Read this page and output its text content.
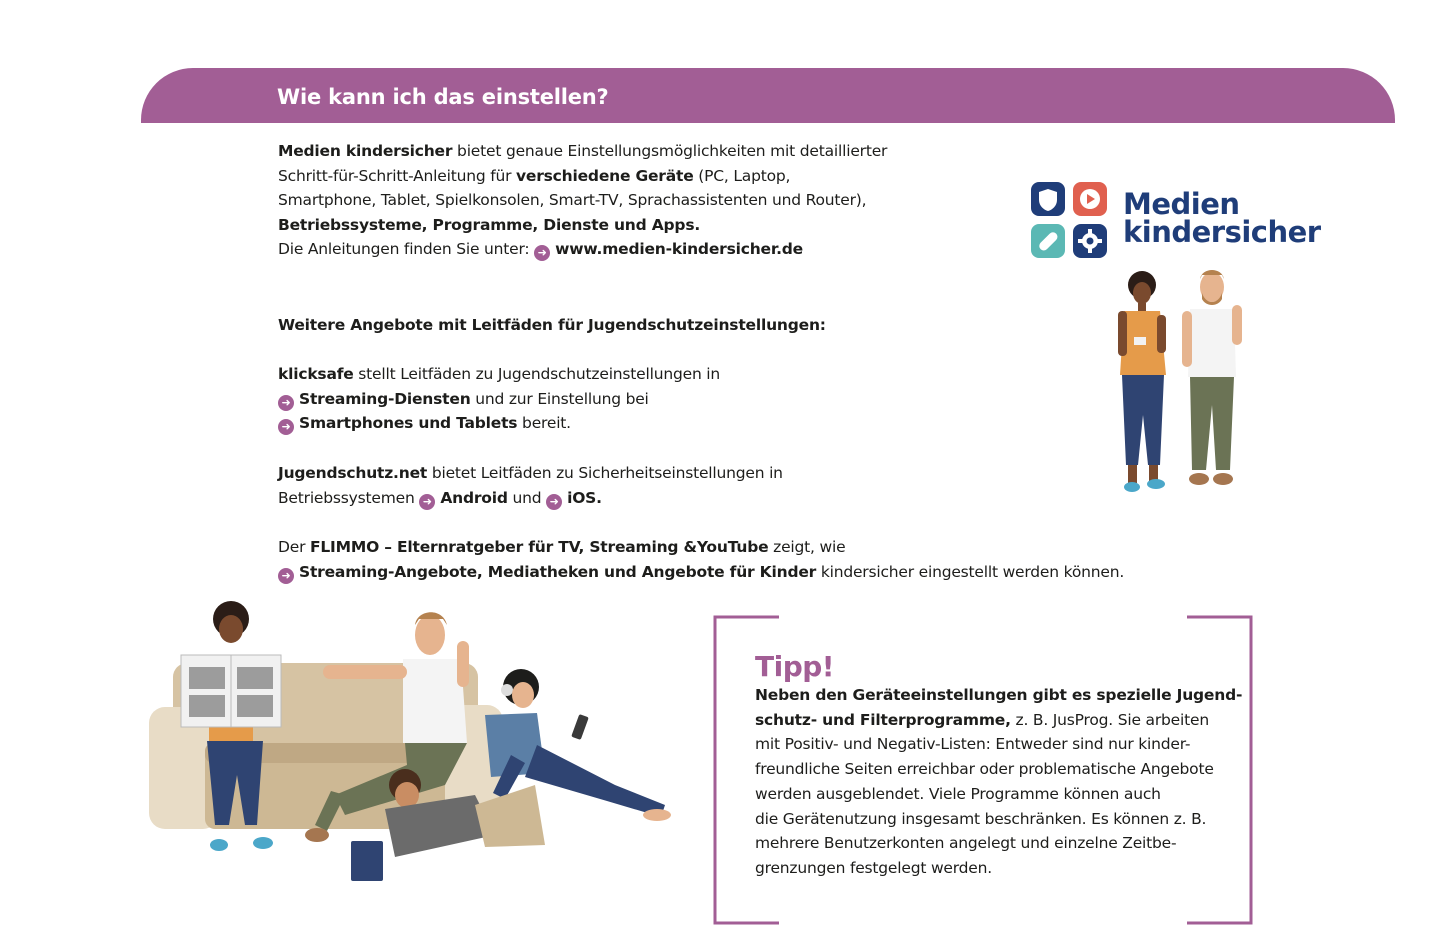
Wie kann ich das einstellen?
Medien kindersicher bietet genaue Einstellungsmöglichkeiten mit detaillierter
Schritt-für-Schritt-Anleitung für verschiedene Geräte (PC, Laptop,
Smartphone, Tablet, Spielkonsolen, Smart-TV, Sprachassistenten und Router),
Betriebssysteme, Programme, Dienste und Apps.
Die Anleitungen finden Sie unter: ➜ www.medien-kindersicher.de
Weitere Angebote mit Leitfäden für Jugendschutzeinstellungen:
klicksafe stellt Leitfäden zu Jugendschutzeinstellungen in
➜ Streaming-Diensten und zur Einstellung bei
➜ Smartphones und Tablets bereit.
Jugendschutz.net bietet Leitfäden zu Sicherheitseinstellungen in
Betriebssystemen ➜ Android und ➜ iOS.
Der FLIMMO – Elternratgeber für TV, Streaming &YouTube zeigt, wie
➜ Streaming-Angebote, Mediatheken und Angebote für Kinder kindersicher eingestellt werden können.
Medien
kindersicher
Tipp!
Neben den Geräteeinstellungen gibt es spezielle Jugend-
schutz- und Filterprogramme, z. B. JusProg. Sie arbeiten
mit Positiv- und Negativ-Listen: Entweder sind nur kinder-
freundliche Seiten erreichbar oder problematische Angebote
werden ausgeblendet. Viele Programme können auch
die Gerätenutzung insgesamt beschränken. Es können z. B.
mehrere Benutzerkonten angelegt und einzelne Zeitbe-
grenzungen festgelegt werden.
